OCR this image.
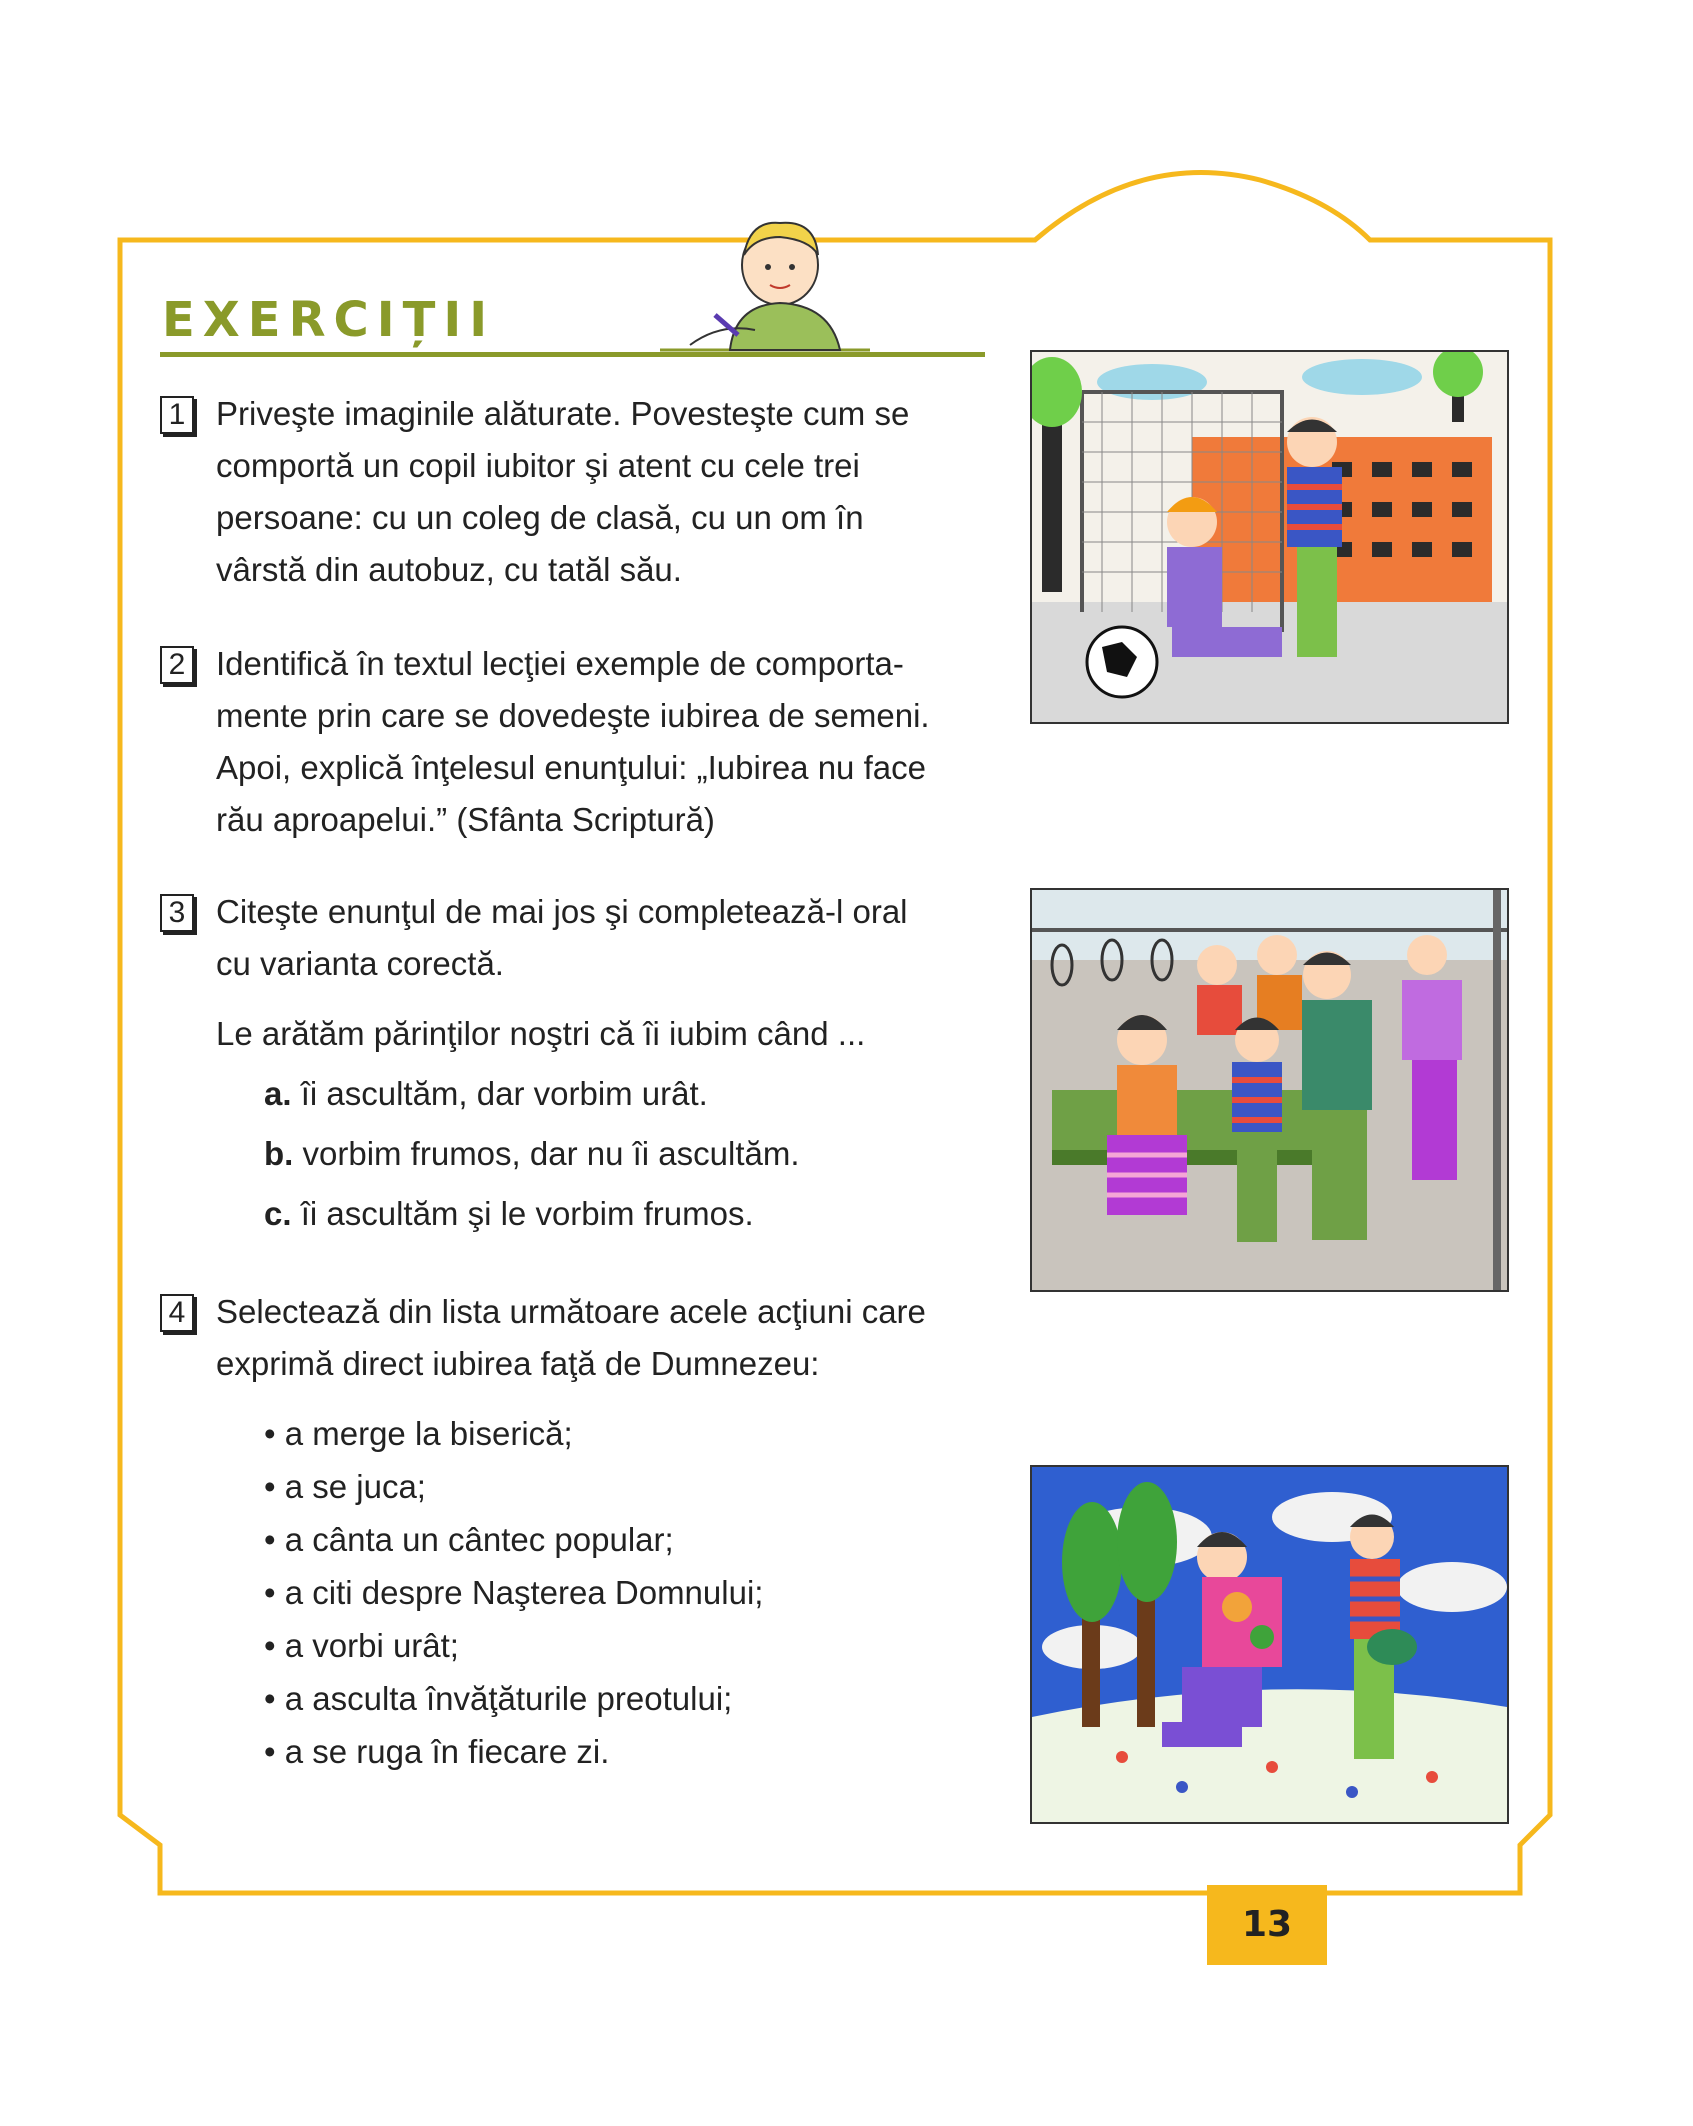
EXERCIȚII
1 Priveşte imaginile alăturate. Povesteşte cum se
comportă un copil iubitor şi atent cu cele trei
persoane: cu un coleg de clasă, cu un om în
vârstă din autobuz, cu tatăl său.
2 Identifică în textul lecţiei exemple de comporta-
mente prin care se dovedeşte iubirea de semeni.
Apoi, explică înţelesul enunţului: „Iubirea nu face
rău aproapelui.” (Sfânta Scriptură)
3 Citeşte enunţul de mai jos şi completează-l oral
cu varianta corectă.
Le arătăm părinţilor noştri că îi iubim când ...
a. îi ascultăm, dar vorbim urât.
b. vorbim frumos, dar nu îi ascultăm.
c. îi ascultăm şi le vorbim frumos.
4 Selectează din lista următoare acele acţiuni care
exprimă direct iubirea faţă de Dumnezeu:
• a merge la biserică;
• a se juca;
• a cânta un cântec popular;
• a citi despre Naşterea Domnului;
• a vorbi urât;
• a asculta învăţăturile preotului;
• a se ruga în fiecare zi.
13
